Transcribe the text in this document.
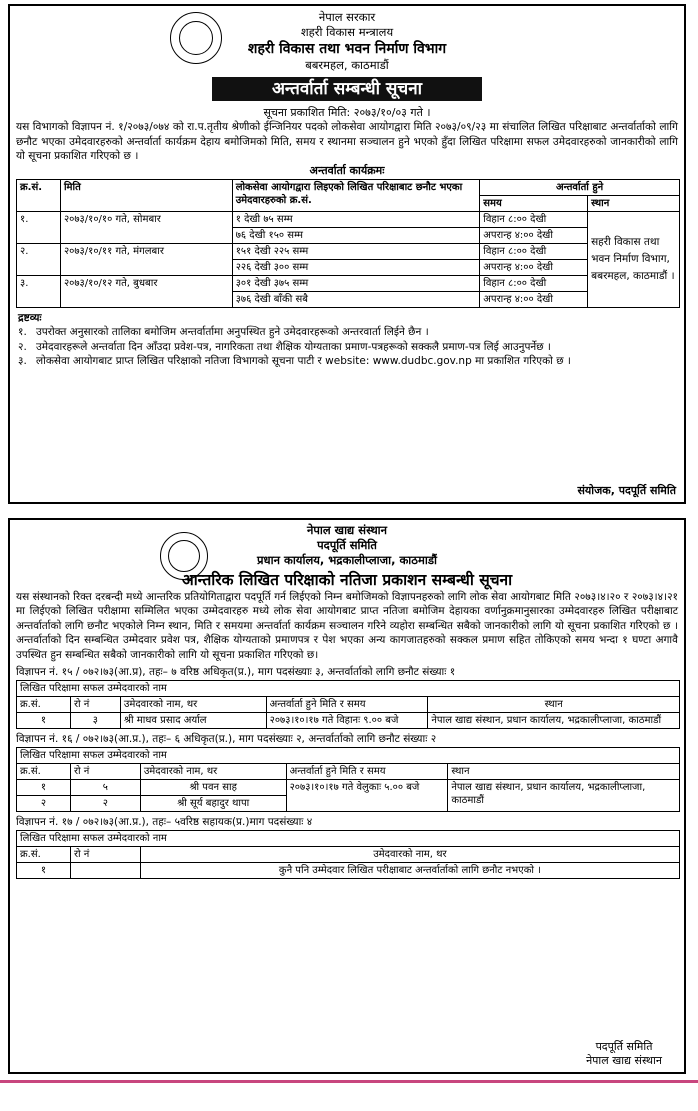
नेपाल सरकार
शहरी विकास मन्त्रालय
शहरी विकास तथा भवन निर्माण विभाग
बबरमहल, काठमाडौं
अन्तर्वार्ता सम्बन्धी सूचना
सूचना प्रकाशित मिति: २०७३/१०/०३ गते ।
यस विभागको विज्ञापन नं. १/२०७३/०७४ को रा.प.तृतीय श्रेणीको ईन्जिनियर पदको लोकसेवा आयोगद्वारा मिति २०७३/०९/२३ मा संचालित लिखित परिक्षाबाट अन्तर्वार्ताको लागि छनौट भएका उमेदवारहरुको अन्तर्वार्ता कार्यक्रम देहाय बमोजिमको मिति, समय र स्थानमा सञ्चालन हुने भएको हुँदा लिखित परिक्षामा सफल उमेदवारहरुको जानकारीको लागि यो सूचना प्रकाशित गरिएको छ ।
अन्तर्वार्ता कार्यक्रमः
क्र.सं.	मिति	लोकसेवा आयोगद्वारा लिइएको लिखित परिक्षाबाट छनौट भएका उमेदवारहरुको क्र.सं.	अन्तर्वार्ता हुने	
			समय	स्थान
१.	२०७३/१०/१० गते, सोमबार	१ देखी ७५ सम्म	विहान ८:०० देखी	सहरी विकास तथा भवन निर्माण विभाग, बबरमहल, काठमाडौं ।
		७६ देखी १५० सम्म	अपरान्ह ४:०० देखी	
२.	२०७३/१०/११ गते, मंगलबार	१५१ देखी २२५ सम्म	विहान ८:०० देखी	
		२२६ देखी ३०० सम्म	अपरान्ह ४:०० देखी	
३.	२०७३/१०/१२ गते, बुधबार	३०१ देखी ३७५ सम्म	विहान ८:०० देखी	
		३७६ देखी बाँकी सबै	अपरान्ह ४:०० देखी	
द्रष्टव्यः
१. उपरोक्त अनुसारको तालिका बमोजिम अन्तर्वार्तामा अनुपस्थित हुने उमेदवारहरूको अन्तरवार्ता लिईने छैन ।
२. उमेदवारहरूले अन्तर्वाता दिन आँउदा प्रवेश-पत्र, नागरिकता तथा शैक्षिक योग्यताका प्रमाण-पत्रहरूको सक्कलै प्रमाण-पत्र लिई आउनुपर्नेछ ।
३. लोकसेवा आयोगबाट प्राप्त लिखित परिक्षाको नतिजा विभागको सूचना पाटी र website: www.dudbc.gov.np मा प्रकाशित गरिएको छ ।
संयोजक, पदपूर्ति समिति
नेपाल खाद्य संस्थान
पदपूर्ति समिति
प्रधान कार्यालय, भद्रकालीप्लाजा, काठमाडौं
आन्तरिक लिखित परिक्षाको नतिजा प्रकाशन सम्बन्धी सूचना
यस संस्थानको रिक्त दरबन्दी मध्ये आन्तरिक प्रतियोगिताद्वारा पदपूर्ति गर्न लिईएको निम्न बमोजिमको विज्ञापनहरुको लागि लोक सेवा आयोगबाट मिति २०७३।४।२० र २०७३।४।२१ मा लिईएको लिखित परीक्षामा सम्मिलित भएका उम्मेदवारहरु मध्ये लोक सेवा आयोगबाट प्राप्त नतिजा बमोजिम देहायका वर्णानुक्रमानुसारका उम्मेदवारहरु लिखित परीक्षाबाट अन्तर्वार्ताको लागि छनौट भएकोले निम्न स्थान, मिति र समयमा अन्तर्वार्ता कार्यक्रम सञ्चालन गरिने व्यहोरा सम्बन्धित सबैको जानकारीको लागि यो सूचना प्रकाशित गरिएको छ । अन्तर्वार्ताको दिन सम्बन्धित उम्मेदवार प्रवेश पत्र, शैक्षिक योग्यताको प्रमाणपत्र र पेश भएका अन्य कागजातहरुको सक्कल प्रमाण सहित तोकिएको समय भन्दा १ घण्टा अगावै उपस्थित हुन सम्बन्धित सबैको जानकारीको लागि यो सूचना प्रकाशित गरिएको छ।
विज्ञापन नं. १५ / ०७२।७३(आ.प्र), तहः– ७ वरिष्ठ अधिकृत(प्र.), माग पदसंख्याः ३, अन्तर्वार्ताको लागि छनौट संख्याः १
लिखित परिक्षामा सफल उम्मेदवारको नाम				
क्र.सं.	रो नं	उमेदवारको नाम, थर	अन्तर्वार्ता हुने मिति र समय	स्थान
१	३	श्री माधव प्रसाद अर्याल	२०७३।१०।१७ गते विहानः ९.०० बजे	नेपाल खाद्य संस्थान, प्रधान कार्यालय, भद्रकालीप्लाजा, काठमाडौं
विज्ञापन नं. १६ / ०७२।७३(आ.प्र.), तहः– ६ अधिकृत(प्र.), माग पदसंख्याः २, अन्तर्वार्ताको लागि छनौट संख्याः २
लिखित परिक्षामा सफल उम्मेदवारको नाम				
क्र.सं.	रो नं	उमेदवारको नाम, थर	अन्तर्वार्ता हुने मिति र समय	स्थान
१	५	श्री पवन साह	२०७३।१०।१७ गते वेलुकाः ५.०० बजे	नेपाल खाद्य संस्थान, प्रधान कार्यालय, भद्रकालीप्लाजा, काठमाडौं
२	२	श्री सूर्य बहादुर थापा		
विज्ञापन नं. १७ / ०७२।७३(आ.प्र.), तहः– ५वरिष्ठ सहायक(प्र.)माग पदसंख्याः ४
लिखित परिक्षामा सफल उम्मेदवारको नाम		
क्र.सं.	रो नं	उमेदवारको नाम, थर
१		कुनै पनि उम्मेदवार लिखित परीक्षाबाट अन्तर्वार्ताको लागि छनौट नभएको ।
पदपूर्ति समिति
नेपाल खाद्य संस्थान
